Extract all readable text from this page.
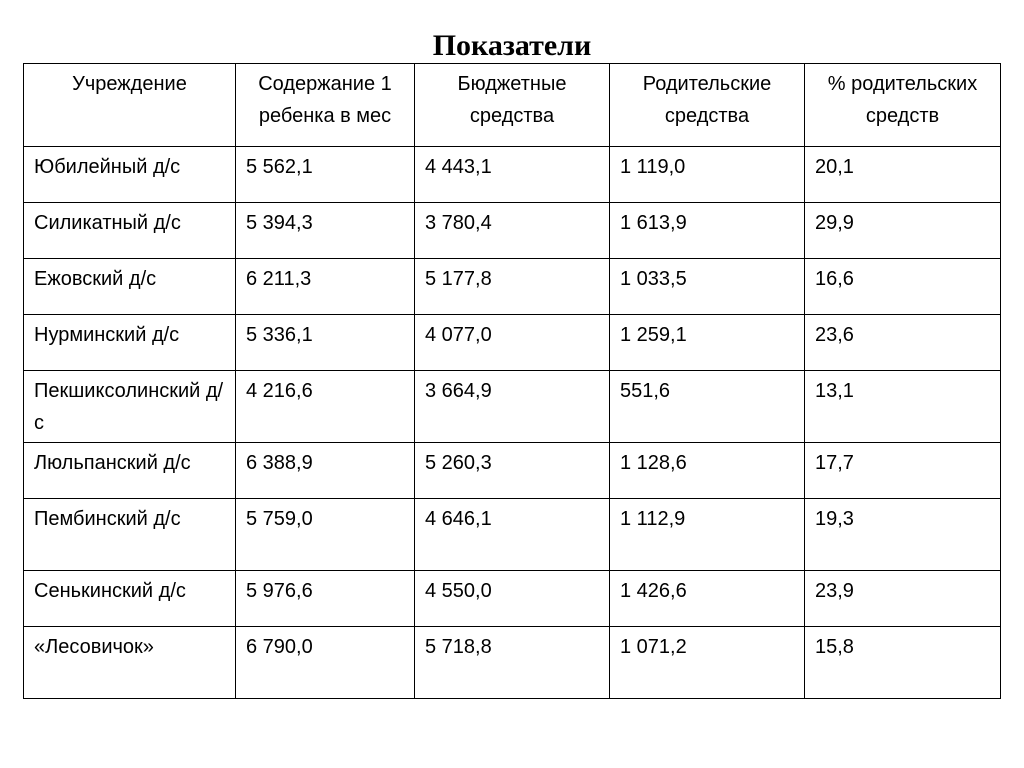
Показатели
Учреждение	Содержание 1 ребенка в мес	Бюджетные средства	Родительские средства	% родительских средств
Юбилейный д/с	5 562,1	4 443,1	1 119,0	20,1
Силикатный д/с	5 394,3	3 780,4	1 613,9	29,9
Ежовский д/с	6 211,3	5 177,8	1 033,5	16,6
Нурминский д/с	5 336,1	4 077,0	1 259,1	23,6
Пекшиксолинский д/с	4 216,6	3 664,9	551,6	13,1
Люльпанский д/с	6 388,9	5 260,3	1 128,6	17,7
Пембинский д/с	5 759,0	4 646,1	1 112,9	19,3
Сенькинский д/с	5 976,6	4 550,0	1 426,6	23,9
«Лесовичок»	6 790,0	5 718,8	1 071,2	15,8
